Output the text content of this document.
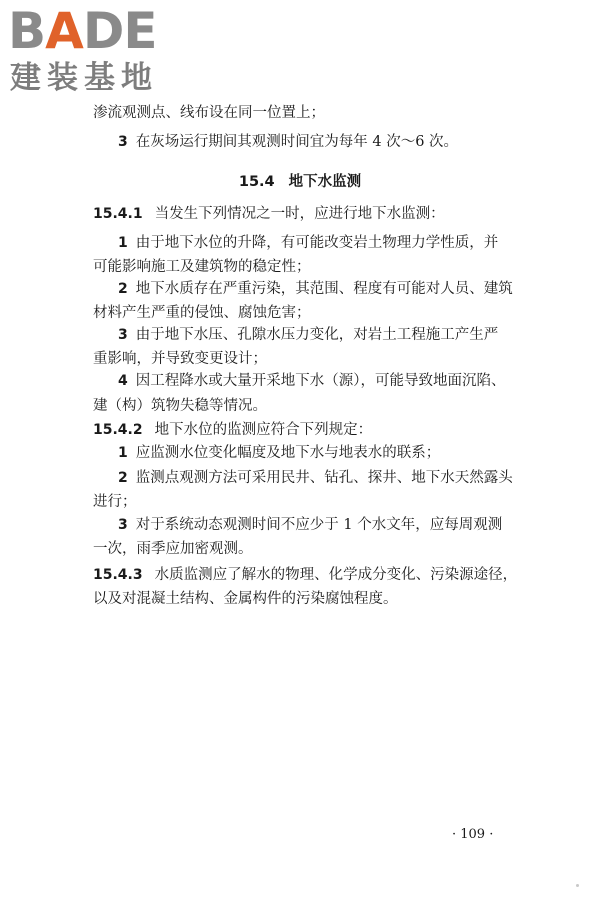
BADE
建装基地
渗流观测点、线布设在同一位置上；
3 在灰场运行期间其观测时间宜为每年 4 次～6 次。
15.4 地下水监测
15.4.1 当发生下列情况之一时，应进行地下水监测：
1 由于地下水位的升降，有可能改变岩土物理力学性质，并
可能影响施工及建筑物的稳定性；
2 地下水质存在严重污染，其范围、程度有可能对人员、建筑
材料产生严重的侵蚀、腐蚀危害；
3 由于地下水压、孔隙水压力变化，对岩土工程施工产生严
重影响，并导致变更设计；
4 因工程降水或大量开采地下水（源），可能导致地面沉陷、
建（构）筑物失稳等情况。
15.4.2 地下水位的监测应符合下列规定：
1 应监测水位变化幅度及地下水与地表水的联系；
2 监测点观测方法可采用民井、钻孔、探井、地下水天然露头
进行；
3 对于系统动态观测时间不应少于 1 个水文年，应每周观测
一次，雨季应加密观测。
15.4.3 水质监测应了解水的物理、化学成分变化、污染源途径，
以及对混凝土结构、金属构件的污染腐蚀程度。
· 109 ·
